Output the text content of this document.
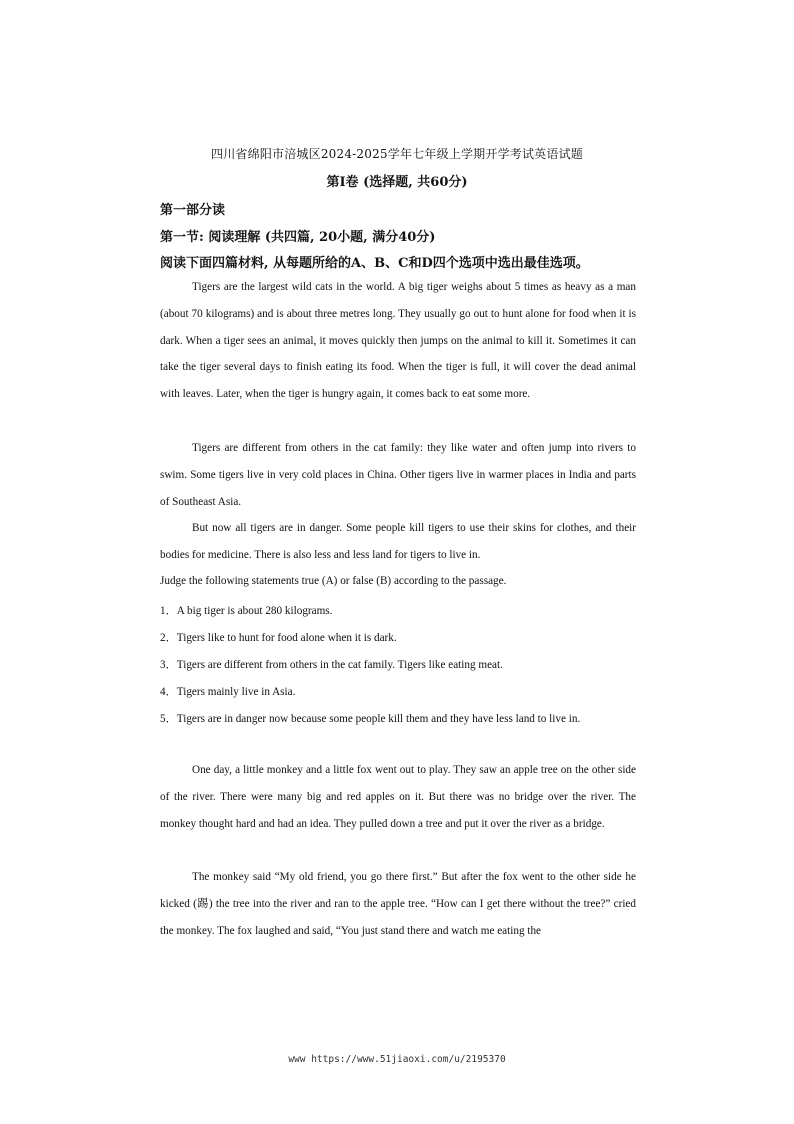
四川省绵阳市涪城区2024-2025学年七年级上学期开学考试英语试题
第Ⅰ卷 (选择题, 共60分)
第一部分读
第一节: 阅读理解 (共四篇, 20小题, 满分40分)
阅读下面四篇材料, 从每题所给的A、B、C和D四个选项中选出最佳选项。

Tigers are the largest wild cats in the world. A big tiger weighs about 5 times as heavy as a man (about 70 kilograms) and is about three metres long. They usually go out to hunt alone for food when it is dark. When a tiger sees an animal, it moves quickly then jumps on the animal to kill it. Sometimes it can take the tiger several days to finish eating its food. When the tiger is full, it will cover the dead animal with leaves. Later, when the tiger is hungry again, it comes back to eat some more.

Tigers are different from others in the cat family: they like water and often jump into rivers to swim. Some tigers live in very cold places in China. Other tigers live in warmer places in India and parts of Southeast Asia.

But now all tigers are in danger. Some people kill tigers to use their skins for clothes, and their bodies for medicine. There is also less and less land for tigers to live in.

Judge the following statements true (A) or false (B) according to the passage.
1．A big tiger is about 280 kilograms.
2．Tigers like to hunt for food alone when it is dark.
3．Tigers are different from others in the cat family. Tigers like eating meat.
4．Tigers mainly live in Asia.
5．Tigers are in danger now because some people kill them and they have less land to live in.

One day, a little monkey and a little fox went out to play. They saw an apple tree on the other side of the river. There were many big and red apples on it. But there was no bridge over the river. The monkey thought hard and had an idea. They pulled down a tree and put it over the river as a bridge.

The monkey said “My old friend, you go there first.” But after the fox went to the other side he kicked (踢) the tree into the river and ran to the apple tree. “How can I get there without the tree?” cried the monkey. The fox laughed and said, “You just stand there and watch me eating the

www https://www.51jiaoxi.com/u/2195370
